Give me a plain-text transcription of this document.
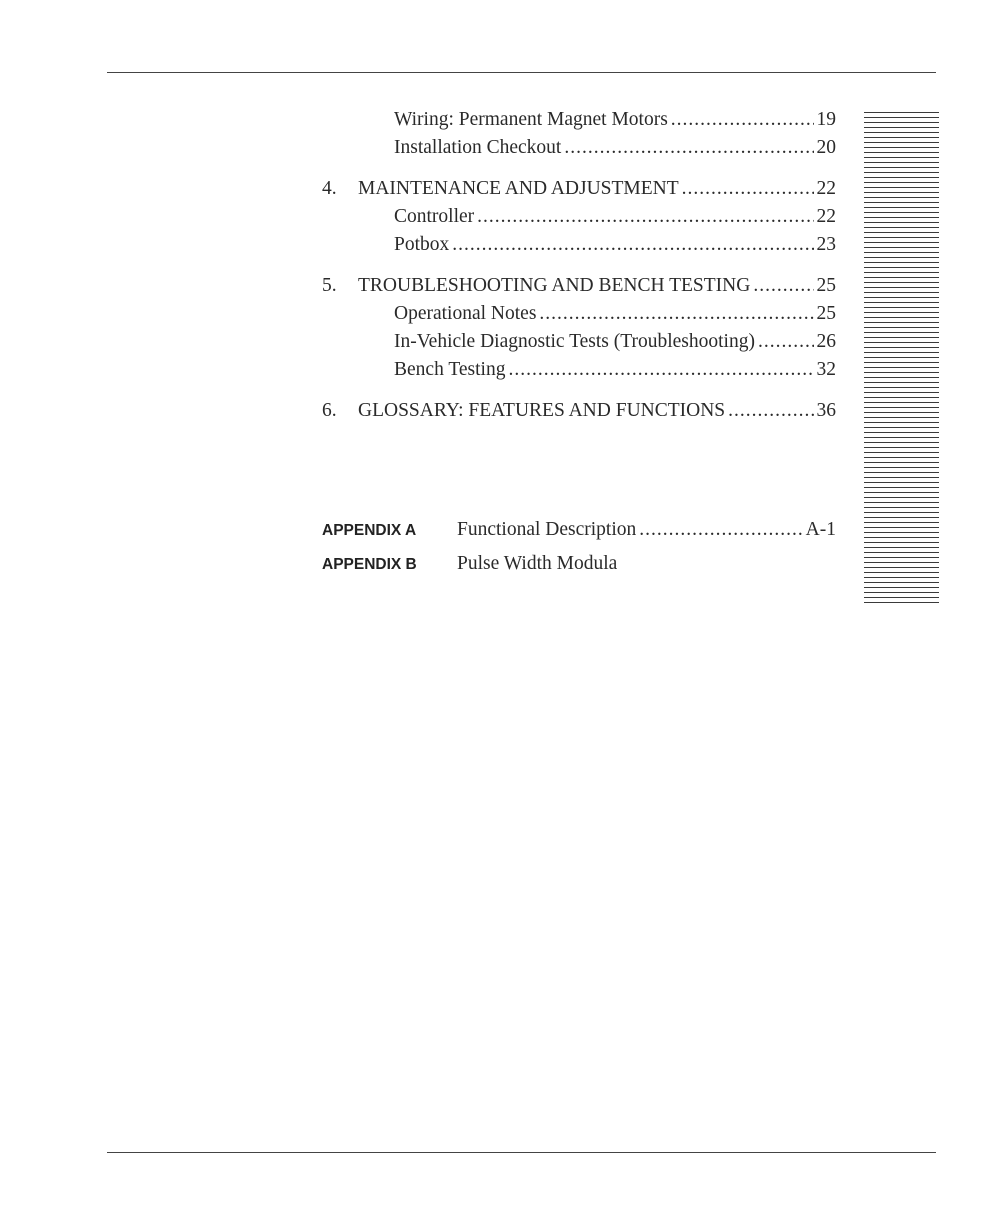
Wiring: Permanent Magnet Motors .....	19
Installation Checkout .....	20
4.	MAINTENANCE AND ADJUSTMENT .....	22
Controller .....	22
Potbox .....	23
5.	TROUBLESHOOTING AND BENCH TESTING .....	25
Operational Notes .....	25
In-Vehicle Diagnostic Tests (Troubleshooting) .....	26
Bench Testing .....	32
6.	GLOSSARY: FEATURES AND FUNCTIONS .....	36
APPENDIX A	Functional Description .....	A-1
APPENDIX B	Pulse Width Modula
